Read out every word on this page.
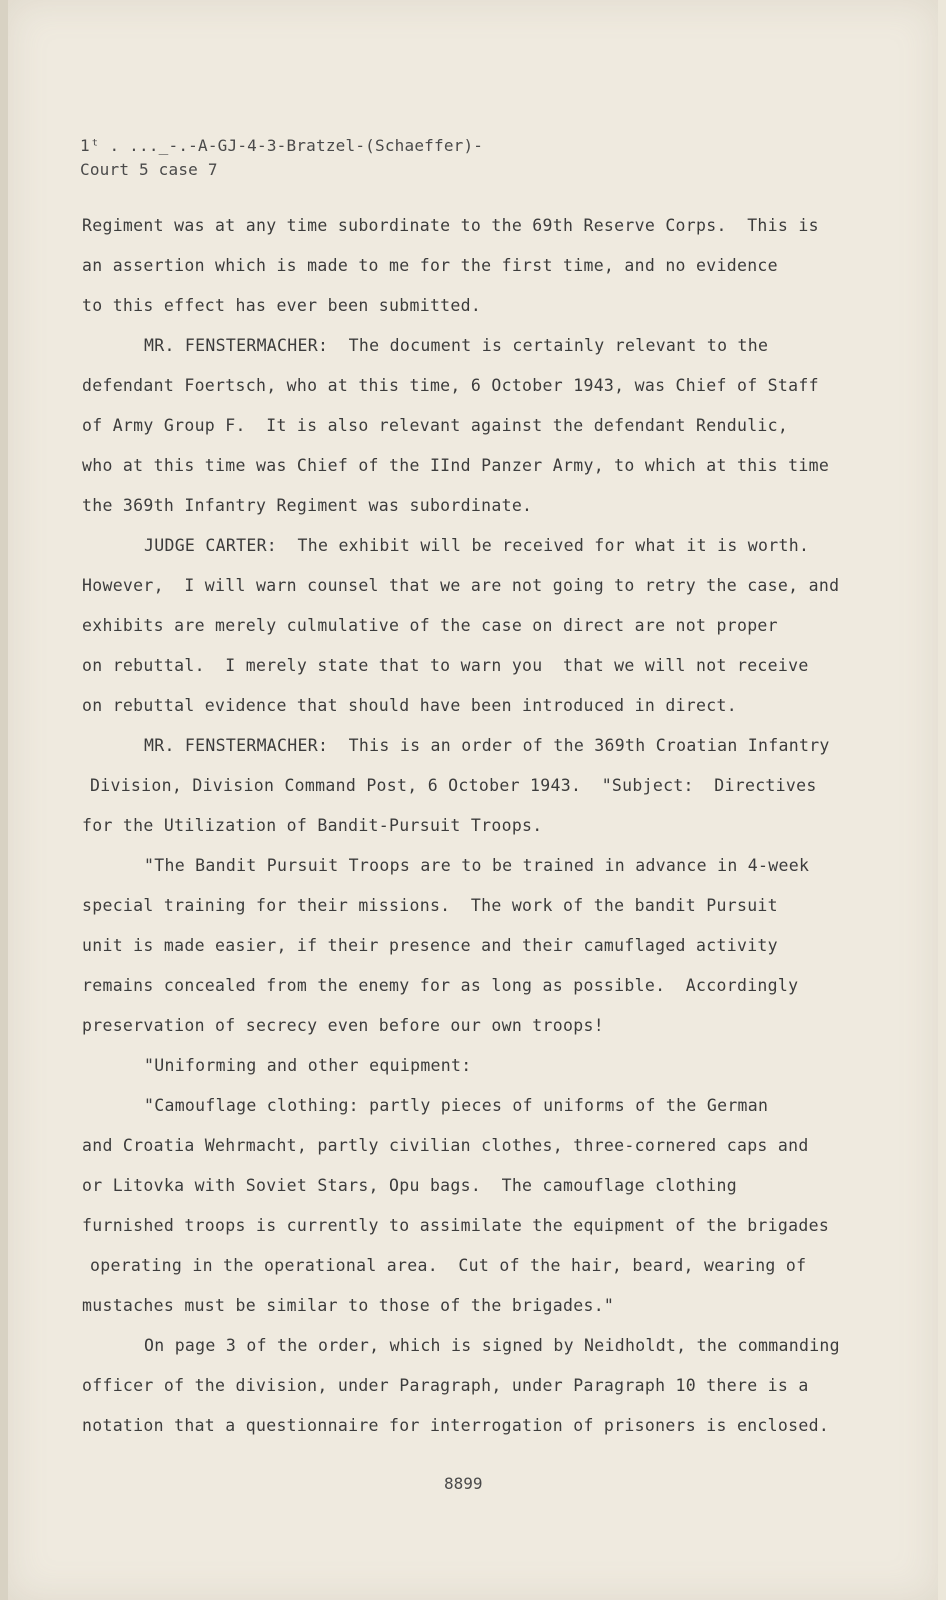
1ᵗ . ..._-.-A-GJ-4-3-Bratzel-(Schaeffer)-
Court 5 case 7
Regiment was at any time subordinate to the 69th Reserve Corps.  This is
an assertion which is made to me for the first time, and no evidence
to this effect has ever been submitted.
MR. FENSTERMACHER:  The document is certainly relevant to the
defendant Foertsch, who at this time, 6 October 1943, was Chief of Staff
of Army Group F.  It is also relevant against the defendant Rendulic,
who at this time was Chief of the IInd Panzer Army, to which at this time
the 369th Infantry Regiment was subordinate.
JUDGE CARTER:  The exhibit will be received for what it is worth.
However,  I will warn counsel that we are not going to retry the case, and
exhibits are merely culmulative of the case on direct are not proper
on rebuttal.  I merely state that to warn you  that we will not receive
on rebuttal evidence that should have been introduced in direct.
MR. FENSTERMACHER:  This is an order of the 369th Croatian Infantry
Division, Division Command Post, 6 October 1943.  "Subject:  Directives
for the Utilization of Bandit-Pursuit Troops.
"The Bandit Pursuit Troops are to be trained in advance in 4-week
special training for their missions.  The work of the bandit Pursuit
unit is made easier, if their presence and their camuflaged activity
remains concealed from the enemy for as long as possible.  Accordingly
preservation of secrecy even before our own troops!
"Uniforming and other equipment:
"Camouflage clothing: partly pieces of uniforms of the German
and Croatia Wehrmacht, partly civilian clothes, three-cornered caps and
or Litovka with Soviet Stars, Opu bags.  The camouflage clothing
furnished troops is currently to assimilate the equipment of the brigades
operating in the operational area.  Cut of the hair, beard, wearing of
mustaches must be similar to those of the brigades."
On page 3 of the order, which is signed by Neidholdt, the commanding
officer of the division, under Paragraph, under Paragraph 10 there is a
notation that a questionnaire for interrogation of prisoners is enclosed.
8899
